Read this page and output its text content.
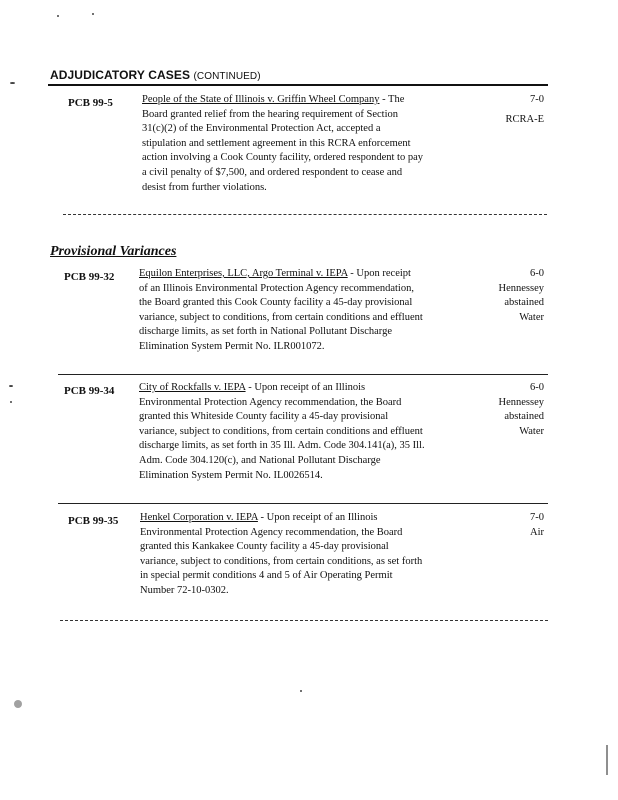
ADJUDICATORY CASES (CONTINUED)
PCB 99-5	People of the State of Illinois v. Griffin Wheel Company - The
Board granted relief from the hearing requirement of Section
31(c)(2) of the Environmental Protection Act, accepted a
stipulation and settlement agreement in this RCRA enforcement
action involving a Cook County facility, ordered respondent to pay
a civil penalty of $7,500, and ordered respondent to cease and
desist from further violations.
7-0
RCRA-E
Provisional Variances
PCB 99-32 Equilon Enterprises, LLC, Argo Terminal v. IEPA - Upon receipt
of an Illinois Environmental Protection Agency recommendation,
the Board granted this Cook County facility a 45-day provisional
variance, subject to conditions, from certain conditions and effluent
discharge limits, as set forth in National Pollutant Discharge
Elimination System Permit No. ILR001072.
6-0
Hennessey
abstained
Water
PCB 99-34 City of Rockfalls v. IEPA - Upon receipt of an Illinois
Environmental Protection Agency recommendation, the Board
granted this Whiteside County facility a 45-day provisional
variance, subject to conditions, from certain conditions and effluent
discharge limits, as set forth in 35 Ill. Adm. Code 304.141(a), 35 Ill.
Adm. Code 304.120(c), and National Pollutant Discharge
Elimination System Permit No. IL0026514.
6-0
Hennessey
abstained
Water
PCB 99-35 Henkel Corporation v. IEPA - Upon receipt of an Illinois
Environmental Protection Agency recommendation, the Board
granted this Kankakee County facility a 45-day provisional
variance, subject to conditions, from certain conditions, as set forth
in special permit conditions 4 and 5 of Air Operating Permit
Number 72-10-0302.
7-0
Air
